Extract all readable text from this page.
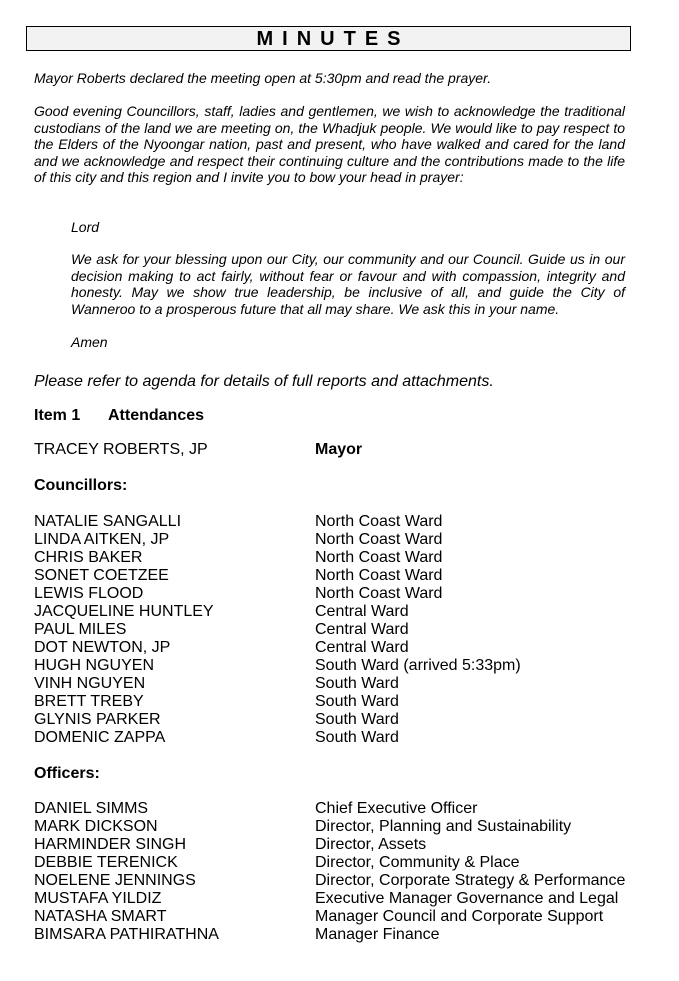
MINUTES

Mayor Roberts declared the meeting open at 5:30pm and read the prayer.

Good evening Councillors, staff, ladies and gentlemen, we wish to acknowledge the traditional custodians of the land we are meeting on, the Whadjuk people. We would like to pay respect to the Elders of the Nyoongar nation, past and present, who have walked and cared for the land and we acknowledge and respect their continuing culture and the contributions made to the life of this city and this region and I invite you to bow your head in prayer:

Lord

We ask for your blessing upon our City, our community and our Council. Guide us in our decision making to act fairly, without fear or favour and with compassion, integrity and honesty. May we show true leadership, be inclusive of all, and guide the City of Wanneroo to a prosperous future that all may share. We ask this in your name.

Amen

Please refer to agenda for details of full reports and attachments.

Item 1 Attendances
TRACEY ROBERTS, JP	Mayor
Councillors:
NATALIE SANGALLI	North Coast Ward
LINDA AITKEN, JP	North Coast Ward
CHRIS BAKER	North Coast Ward
SONET COETZEE	North Coast Ward
LEWIS FLOOD	North Coast Ward
JACQUELINE HUNTLEY	Central Ward
PAUL MILES	Central Ward
DOT NEWTON, JP	Central Ward
HUGH NGUYEN	South Ward (arrived 5:33pm)
VINH NGUYEN	South Ward
BRETT TREBY	South Ward
GLYNIS PARKER	South Ward
DOMENIC ZAPPA	South Ward
Officers:
DANIEL SIMMS	Chief Executive Officer
MARK DICKSON	Director, Planning and Sustainability
HARMINDER SINGH	Director, Assets
DEBBIE TERENICK	Director, Community & Place
NOELENE JENNINGS	Director, Corporate Strategy & Performance
MUSTAFA YILDIZ	Executive Manager Governance and Legal
NATASHA SMART	Manager Council and Corporate Support
BIMSARA PATHIRATHNA	Manager Finance
